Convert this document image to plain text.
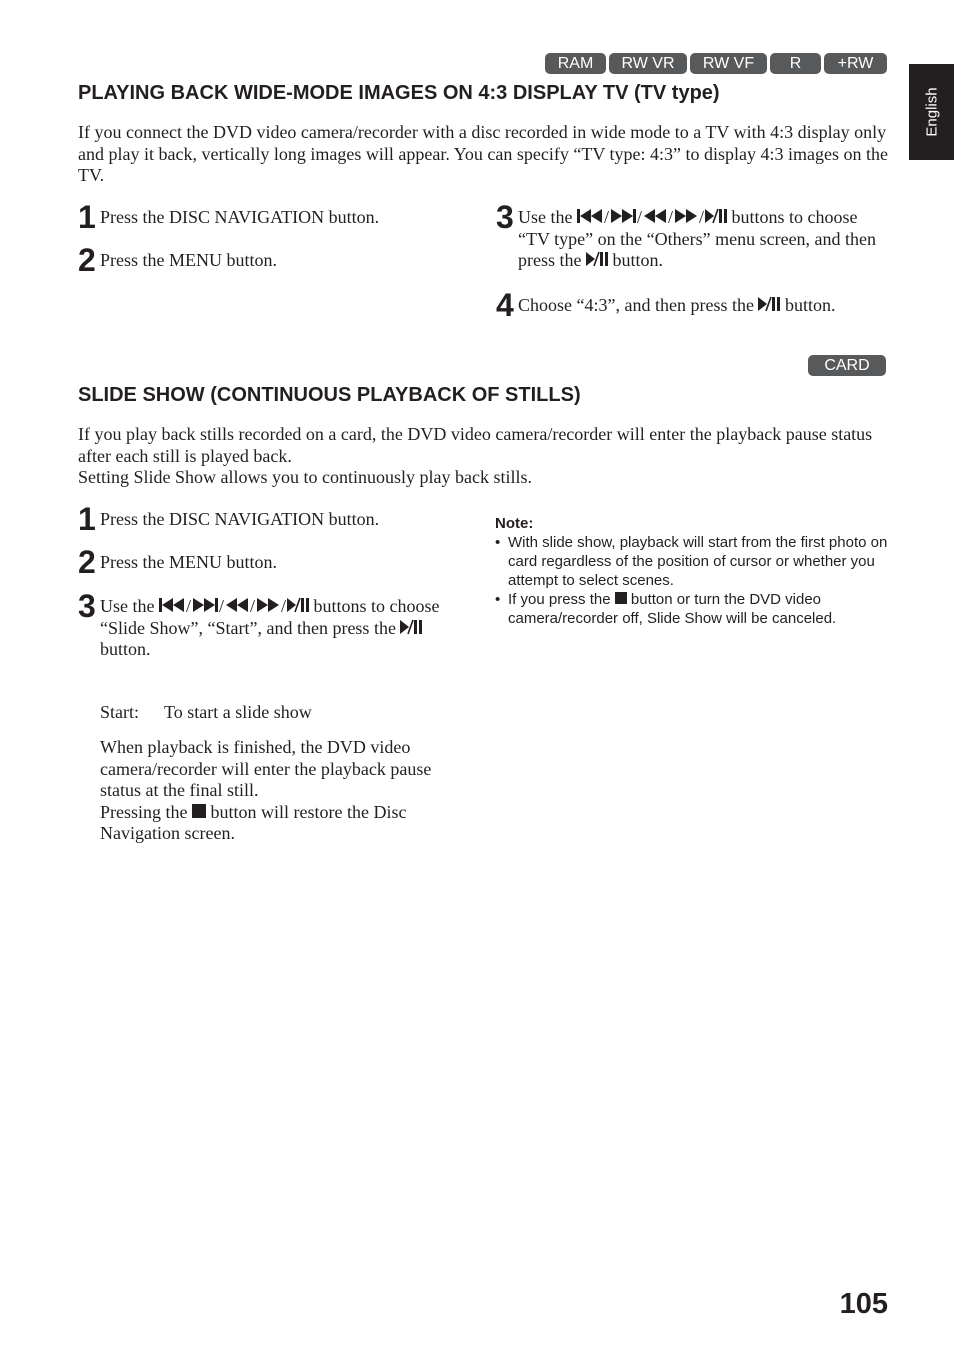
RAM	RW VR	RW VF	R	+RW
English
PLAYING BACK WIDE-MODE IMAGES ON 4:3 DISPLAY TV (TV type)

If you connect the DVD video camera/recorder with a disc recorded in wide mode to a TV with 4:3 display only and play it back, vertically long images will appear. You can specify “TV type: 4:3” to display 4:3 images on the TV.

1 Press the DISC NAVIGATION button.
2 Press the MENU button.
3 Use the / / / / buttons to choose “TV type” on the “Others” menu screen, and then press the button.
4 Choose “4:3”, and then press the button.
CARD
SLIDE SHOW (CONTINUOUS PLAYBACK OF STILLS)

If you play back stills recorded on a card, the DVD video camera/recorder will enter the playback pause status after each still is played back.

Setting Slide Show allows you to continuously play back stills.

1 Press the DISC NAVIGATION button.
2 Press the MENU button.
3 Use the / / / / buttons to choose “Slide Show”, “Start”, and then press the
button.
Start: To start a slide show

When playback is finished, the DVD video camera/recorder will enter the playback pause status at the final still.

Pressing the button will restore the Disc Navigation screen.

Note:
• With slide show, playback will start from the first photo on card regardless of the position of cursor or whether you attempt to select scenes.
• If you press the button or turn the DVD video camera/recorder off, Slide Show will be canceled.
105
